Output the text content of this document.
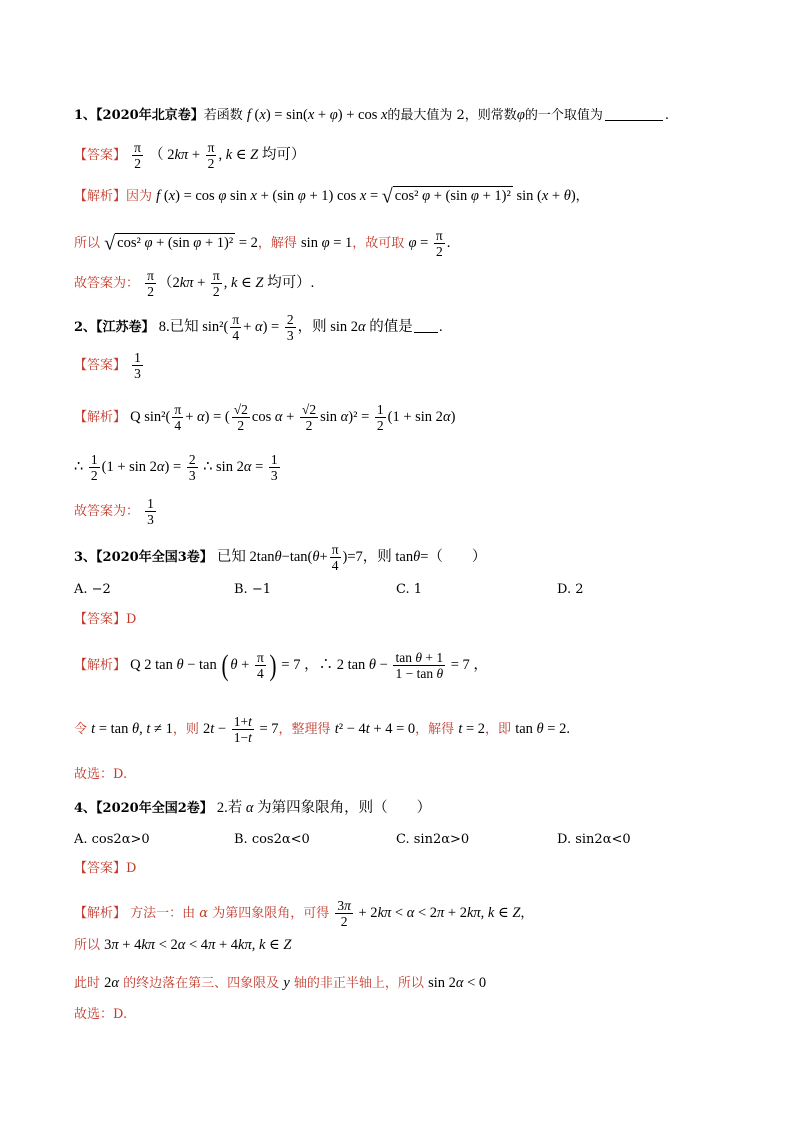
1、【2020年北京卷】若函数 f (x) = sin(x + φ) + cos x的最大值为 2，则常数φ的一个取值为	.
【答案】 $\frac{\pi}{2}$ （ $2k\pi + \frac{\pi}{2}$ , k ∈ Z 均可）
【解析】因为 f (x) = cos φ sin x + (sin φ + 1) cos x = √ cos² φ + (sin φ + 1)² sin (x + θ)，
所以 √ cos² φ + (sin φ + 1)² = 2，解得 sin φ = 1，故可取 $\varphi = \frac{\pi}{2}$ .
故答案为： $\frac{\pi}{2} (2k\pi + \frac{\pi}{2}$ , k ∈ Z 均可）.
2、【江苏卷】 8.已知 $\sin^2( \frac{\pi}{4} + \alpha) = \frac{2}{3}$ ，则 sin 2α 的值是 .
【答案】 $\frac{1}{3}$
【解析】 Q $\sin^2( \frac{\pi}{4} + \alpha)$ = ( $\frac{√2}{2}$ $\cos \alpha + \frac{√2}{2}$ $\sin \alpha)^2 = \frac{1}{2} (1 + \sin 2\alpha)$
∴ $\frac{1}{2} (1 + \sin 2\alpha) = \frac{2}{3}$ ∴ $\sin 2\alpha = \frac{1}{3}$
故答案为： $\frac{1}{3}$
3、【2020年全国3卷】 已知 $2\tan\theta-\tan(\theta+ \frac{\pi}{4} )=7$，则 tanθ=（　　）
A. −2	B. −1	C. 1	D. 2
【答案】D
【解析】 Q 2 tan θ − tan ( $\theta + \frac{\pi}{4}$ ) = 7 ，∴ 2 $\tan \theta - \frac{\text{tan θ + 1}}{\text{1 − tan θ}} = 7$ ，
令 t = tan θ, t ≠ 1，则 $2t - \frac{1+t}{1-t} = 7$，整理得 t² − 4t + 4 = 0，解得 t = 2，即 tan θ = 2.
故选：D.
4、【2020年全国2卷】 2.若 α 为第四象限角，则（　　）
A. cos2α>0	B. cos2α<0	C. sin2α>0	D. sin2α<0
【答案】D
【解析】 方法一：由 α 为第四象限角，可得 $\frac{3\pi}{2} + 2k\pi < \alpha < 2\pi + 2k\pi$, k ∈ Z，
所以 3π + 4kπ < 2α < 4π + 4kπ, k ∈ Z
此时 2α 的终边落在第三、四象限及 y 轴的非正半轴上，所以 sin 2α < 0
故选：D.
